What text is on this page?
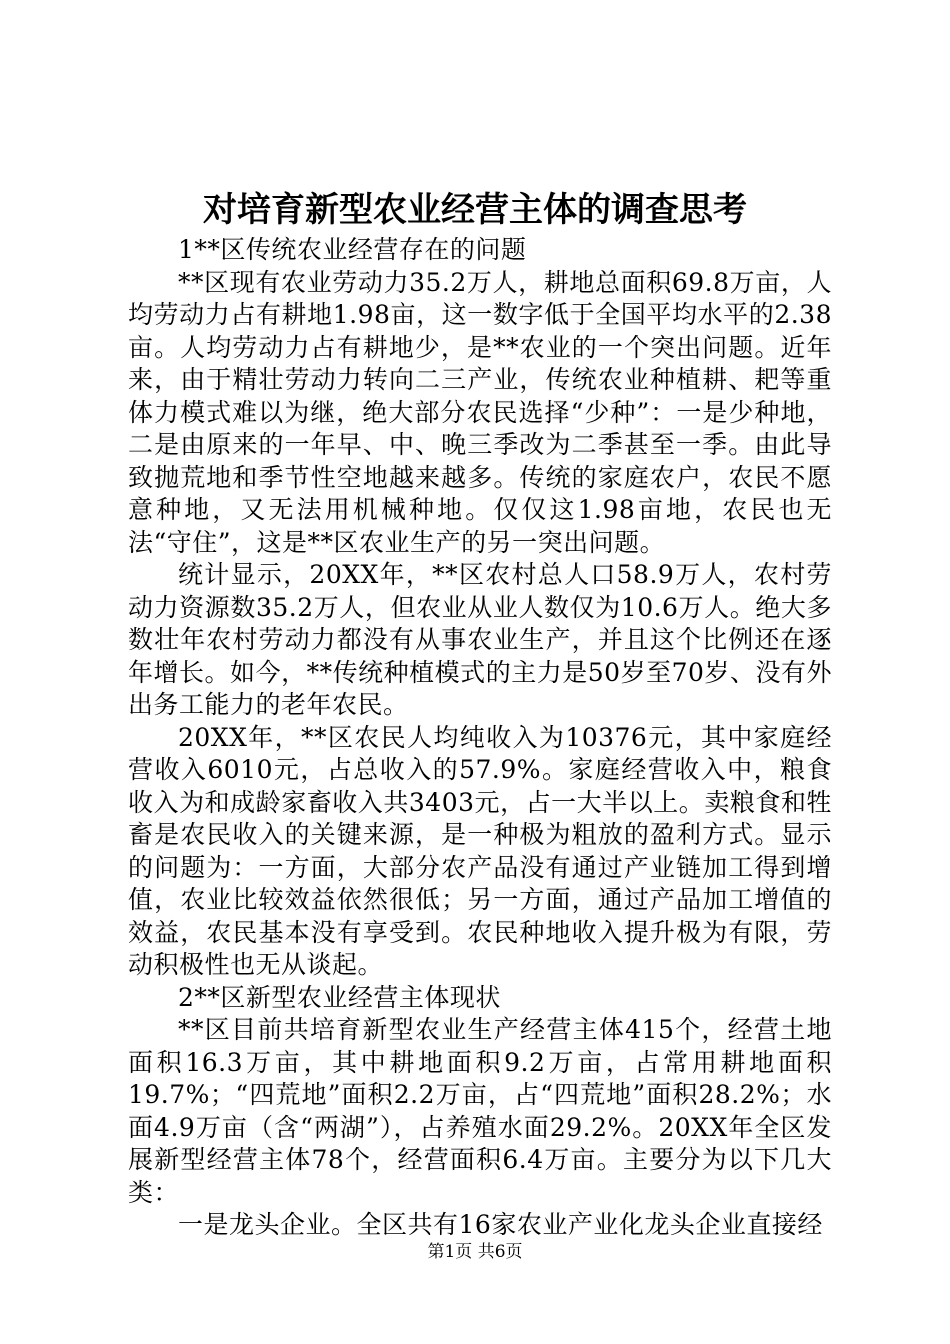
对培育新型农业经营主体的调查思考

1**区传统农业经营存在的问题

**区现有农业劳动力35.2万人，耕地总面积69.8万亩，人均劳动力占有耕地1.98亩，这一数字低于全国平均水平的2.38亩。人均劳动力占有耕地少，是**农业的一个突出问题。近年来，由于精壮劳动力转向二三产业，传统农业种植耕、耙等重体力模式难以为继，绝大部分农民选择“少种”：一是少种地，二是由原来的一年早、中、晚三季改为二季甚至一季。由此导致抛荒地和季节性空地越来越多。传统的家庭农户，农民不愿意种地，又无法用机械种地。仅仅这1.98亩地，农民也无法“守住”，这是**区农业生产的另一突出问题。

统计显示，20XX年，**区农村总人口58.9万人，农村劳动力资源数35.2万人，但农业从业人数仅为10.6万人。绝大多数壮年农村劳动力都没有从事农业生产，并且这个比例还在逐年增长。如今，**传统种植模式的主力是50岁至70岁、没有外出务工能力的老年农民。

20XX年，**区农民人均纯收入为10376元，其中家庭经营收入6010元，占总收入的57.9%。家庭经营收入中，粮食收入为和成龄家畜收入共3403元，占一大半以上。卖粮食和牲畜是农民收入的关键来源，是一种极为粗放的盈利方式。显示的问题为：一方面，大部分农产品没有通过产业链加工得到增值，农业比较效益依然很低；另一方面，通过产品加工增值的效益，农民基本没有享受到。农民种地收入提升极为有限，劳动积极性也无从谈起。

2**区新型农业经营主体现状

**区目前共培育新型农业生产经营主体415个，经营土地面积16.3万亩，其中耕地面积9.2万亩，占常用耕地面积19.7%；“四荒地”面积2.2万亩，占“四荒地”面积28.2%；水面4.9万亩（含“两湖”），占养殖水面29.2%。20XX年全区发展新型经营主体78个，经营面积6.4万亩。主要分为以下几大类：

一是龙头企业。全区共有16家农业产业化龙头企业直接经

第1页 共6页
